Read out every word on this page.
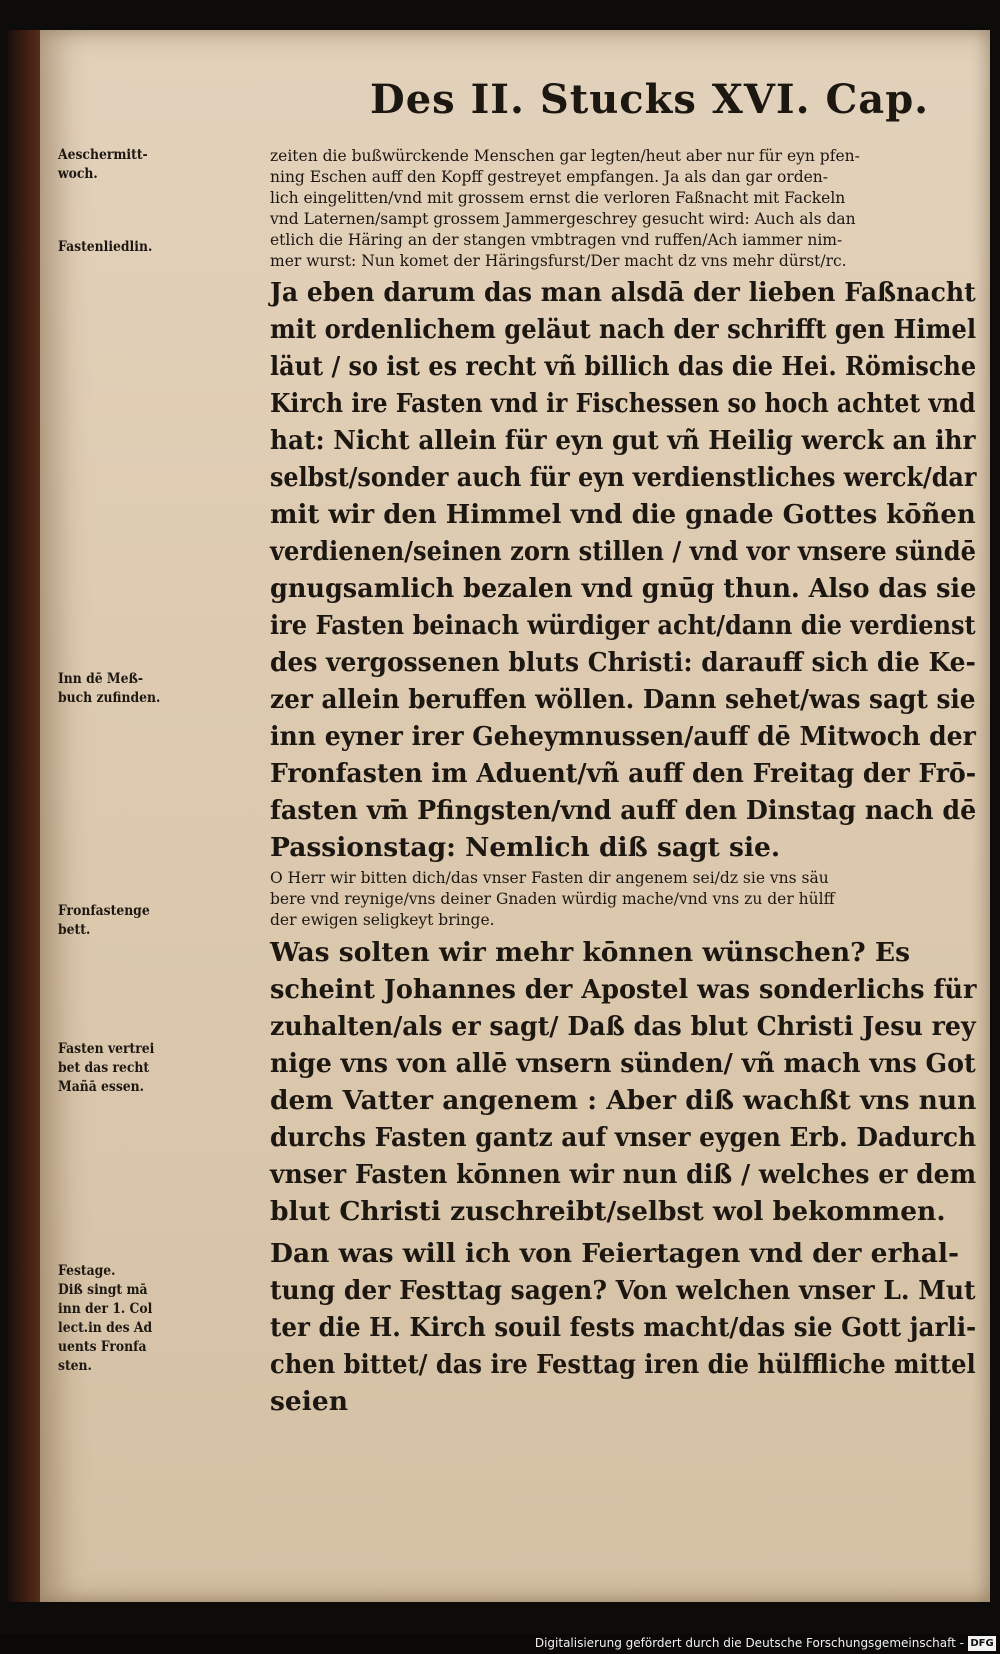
Des II. Stucks XVI. Cap.
Aeschermitt-
woch.
Fastenliedlin.
Inn dē Meß-
buch zufinden.
Fronfastenge
bett.
Fasten vertrei
bet das recht
Mañā essen.
Festage.
Diß singt mā
inn der 1. Col
lect.in des Ad
uents Fronfa
sten.
zeiten die bußwürckende Menschen gar legten/heut aber nur für eyn pfen-
ning Eschen auff den Kopff gestreyet empfangen. Ja als dan gar orden-
lich eingelitten/vnd mit grossem ernst die verloren Faßnacht mit Fackeln
vnd Laternen/sampt grossem Jammergeschrey gesucht wird: Auch als dan
etlich die Häring an der stangen vmbtragen vnd ruffen/Ach iammer nim-
mer wurst: Nun komet der Häringsfurst/Der macht dz vns mehr dürst/rc.
Ja eben darum das man alsdā der lieben Faßnacht
mit ordenlichem geläut nach der schrifft gen Himel
läut / so ist es recht vñ billich das die Hei. Römische
Kirch ire Fasten vnd ir Fischessen so hoch achtet vnd
hat: Nicht allein für eyn gut vñ Heilig werck an ihr
selbst/sonder auch für eyn verdienstliches werck/dar
mit wir den Himmel vnd die gnade Gottes kōñen
verdienen/seinen zorn stillen / vnd vor vnsere sündē
gnugsamlich bezalen vnd gnūg thun. Also das sie
ire Fasten beinach würdiger acht/dann die verdienst
des vergossenen bluts Christi: darauff sich die Ke-
zer allein beruffen wöllen. Dann sehet/was sagt sie
inn eyner irer Geheymnussen/auff dē Mitwoch der
Fronfasten im Aduent/vñ auff den Freitag der Frō-
fasten vm̄ Pfingsten/vnd auff den Dinstag nach dē
Passionstag: Nemlich diß sagt sie.
O Herr wir bitten dich/das vnser Fasten dir angenem sei/dz sie vns säu
bere vnd reynige/vns deiner Gnaden würdig mache/vnd vns zu der hülff
der ewigen seligkeyt bringe.
Was solten wir mehr kōnnen wünschen? Es
scheint Johannes der Apostel was sonderlichs für
zuhalten/als er sagt/ Daß das blut Christi Jesu rey
nige vns von allē vnsern sünden/ vñ mach vns Got
dem Vatter angenem : Aber diß wachßt vns nun
durchs Fasten gantz auf vnser eygen Erb. Dadurch
vnser Fasten kōnnen wir nun diß / welches er dem
blut Christi zuschreibt/selbst wol bekommen.
Dan was will ich von Feiertagen vnd der erhal-
tung der Festtag sagen? Von welchen vnser L. Mut
ter die H. Kirch souil fests macht/das sie Gott jarli-
chen bittet/ das ire Festtag iren die hülffliche mittel
seien
Digitalisierung gefördert durch die Deutsche Forschungsgemeinschaft - DFG
